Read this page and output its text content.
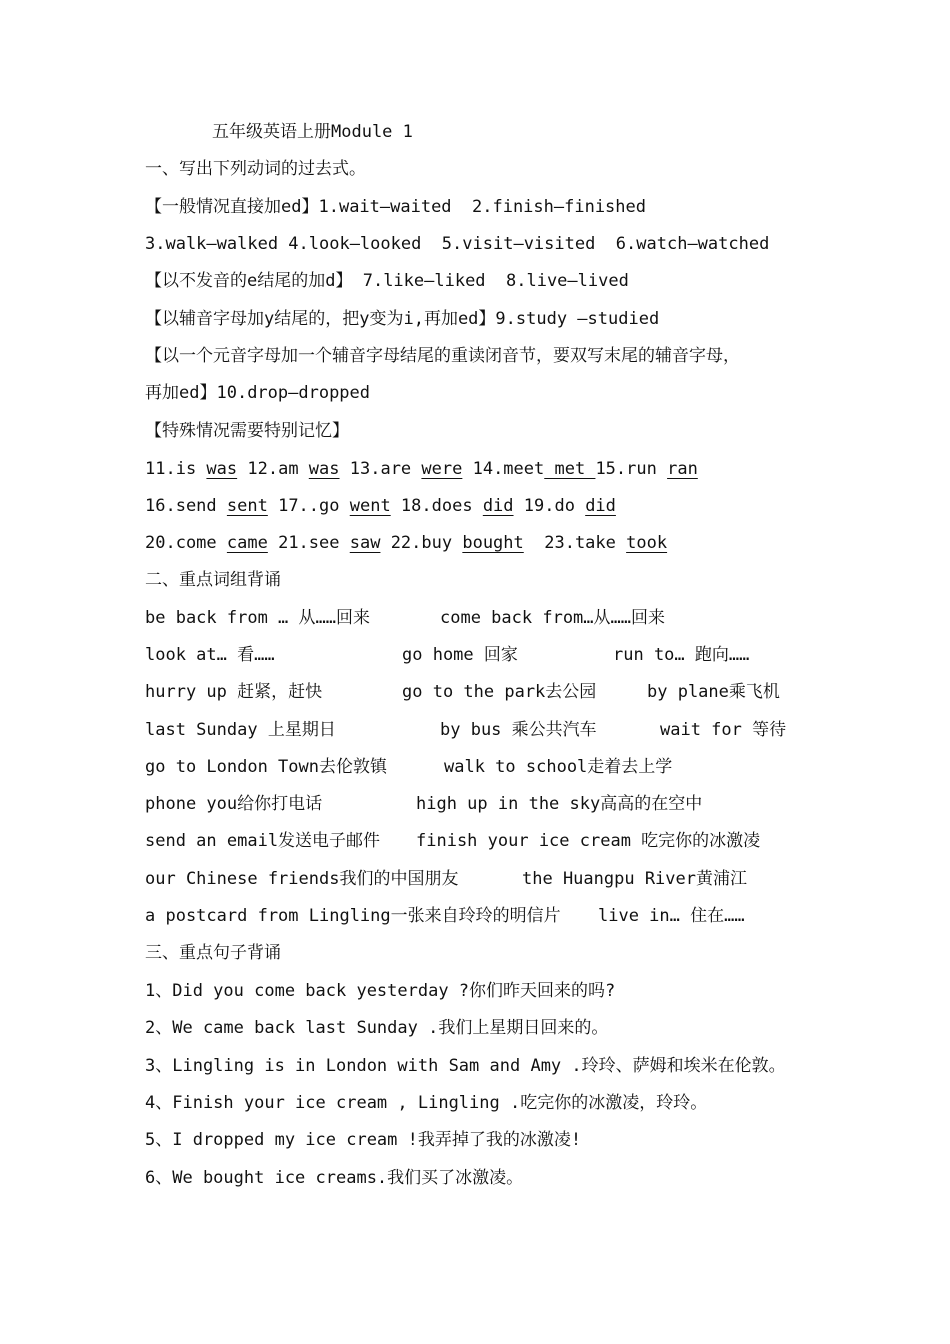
五年级英语上册Module 1
一、写出下列动词的过去式。
【一般情况直接加ed】1.wait—waited  2.finish—finished
3.walk—walked 4.look—looked  5.visit—visited  6.watch—watched
【以不发音的e结尾的加d】 7.like—liked  8.live—lived
【以辅音字母加y结尾的，把y变为i,再加ed】9.study —studied
【以一个元音字母加一个辅音字母结尾的重读闭音节，要双写末尾的辅音字母，
再加ed】10.drop—dropped
【特殊情况需要特别记忆】
11.is was 12.am was 13.are were 14.meet met 15.run ran
16.send sent 17..go went 18.does did 19.do did
20.come came 21.see saw 22.buy bought  23.take took
二、重点词组背诵
be back from … 从……回来	come back from…从……回来
look at… 看……	go home 回家	run to… 跑向……
hurry up 赶紧，赶快	go to the park去公园	by plane乘飞机
last Sunday 上星期日	by bus 乘公共汽车	wait for 等待
go to London Town去伦敦镇	walk to school走着去上学
phone you给你打电话	high up in the sky高高的在空中
send an email发送电子邮件 finish your ice cream 吃完你的冰激凌
our Chinese friends我们的中国朋友	the Huangpu River黄浦江
a postcard from Lingling一张来自玲玲的明信片 live in… 住在……
三、重点句子背诵
1、Did you come back yesterday ?你们昨天回来的吗?
2、We came back last Sunday .我们上星期日回来的。
3、Lingling is in London with Sam and Amy .玲玲、萨姆和埃米在伦敦。
4、Finish your ice cream , Lingling .吃完你的冰激凌，玲玲。
5、I dropped my ice cream !我弄掉了我的冰激凌!
6、We bought ice creams.我们买了冰激凌。
